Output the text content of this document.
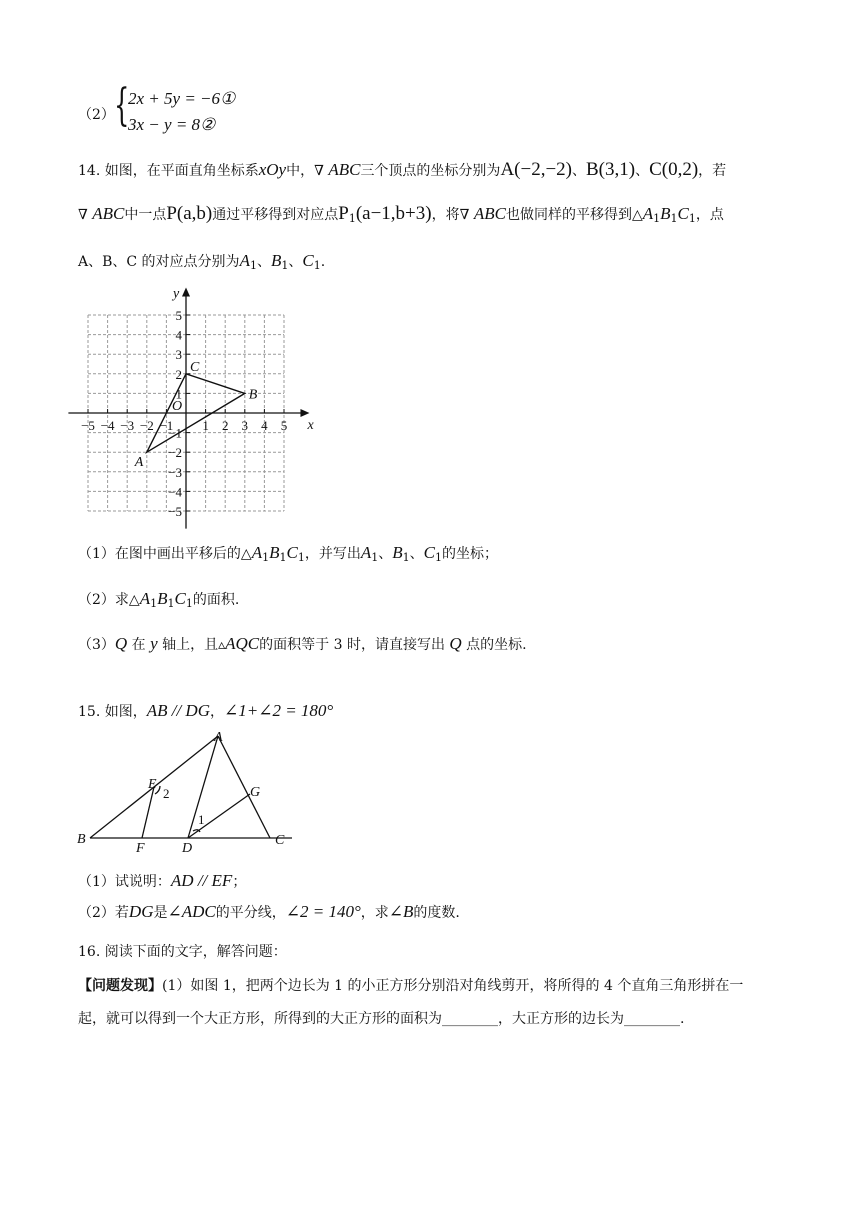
（2） {
2x + 5y = −6①
3x − y = 8②
14. 如图，在平面直角坐标系xOy中，∇ ABC三个顶点的坐标分别为A(−2,−2)、B(3,1)、C(0,2)，若
∇ ABC中一点P(a,b)通过平移得到对应点$P_1(a-1,b+3)$，将∇ ABC也做同样的平移得到$\triangle A_1B_1C_1$，点
A、B、C 的对应点分别为$A_1$、$B_1$、$C_1$.
−5 −4 −3 −2 −1 1 2 3 4 5
5
4
3
2
1
−1
−2
−3
−4
−5
x
y
O
A
B
C
（1）在图中画出平移后的$\triangle A_1B_1C_1$，并写出$A_1$、$B_1$、$C_1$的坐标；
（2）求$\triangle A_1B_1C_1$的面积.
（3）Q 在 y 轴上，且▵AQC的面积等于 3 时，请直接写出 Q 点的坐标.
15. 如图，AB // DG，∠1+∠2 = 180°
A
B	C
D
E
F
G
1
2
（1）试说明：AD // EF；
（2）若DG是∠ADC的平分线，∠2 = 140°，求∠B的度数.
16. 阅读下面的文字，解答问题：
【问题发现】(1）如图 1，把两个边长为 1 的小正方形分别沿对角线剪开，将所得的 4 个直角三角形拼在一
起，就可以得到一个大正方形，所得到的大正方形的面积为________，大正方形的边长为________.
